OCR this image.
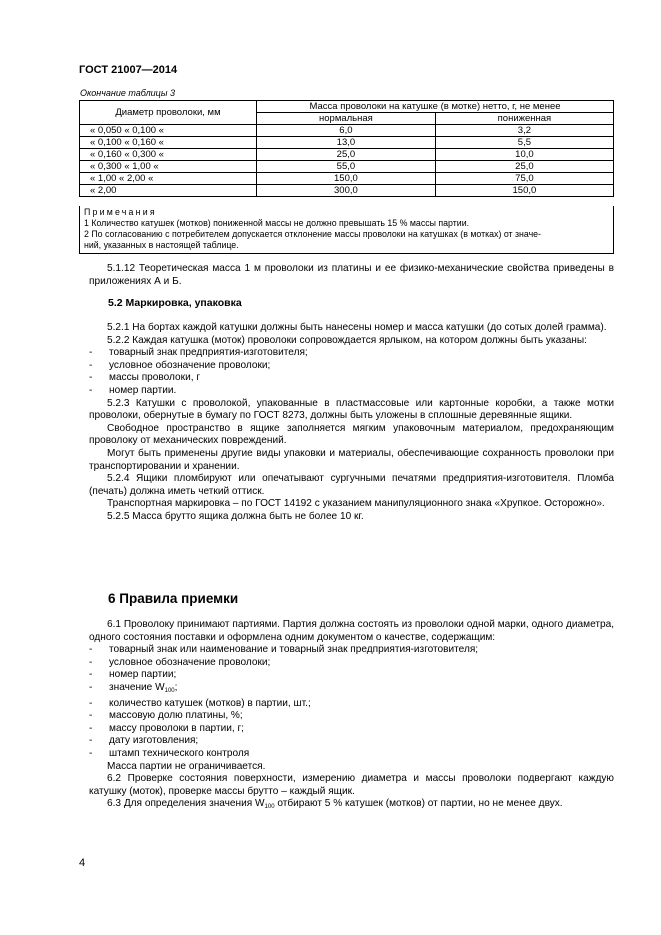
ГОСТ 21007—2014
Окончание таблицы 3
Диаметр проволоки, мм	Масса проволоки на катушке (в мотке) нетто, г, не менее	
	нормальная	пониженная
« 0,050 « 0,100 «	6,0	3,2
« 0,100 « 0,160 «	13,0	5,5
« 0,160 « 0,300 «	25,0	10,0
« 0,300 « 1,00 «	55,0	25,0
« 1,00 « 2,00 «	150,0	75,0
« 2,00	300,0	150,0
Примечания
1 Количество катушек (мотков) пониженной массы не должно превышать 15 % массы партии.
2 По согласованию с потребителем допускается отклонение массы проволоки на катушках (в мотках) от значе-
ний, указанных в настоящей таблице.

5.1.12 Теоретическая масса 1 м проволоки из платины и ее физико-механические свойства приведены в приложениях А и Б.

5.2 Маркировка, упаковка

5.2.1 На бортах каждой катушки должны быть нанесены номер и масса катушки (до сотых долей грамма).

5.2.2 Каждая катушка (моток) проволоки сопровождается ярлыком, на котором должны быть указаны:

- товарный знак предприятия-изготовителя;
- условное обозначение проволоки;
- массы проволоки, г
- номер партии.

5.2.3 Катушки с проволокой, упакованные в пластмассовые или картонные коробки, а также мотки проволоки, обернутые в бумагу по ГОСТ 8273, должны быть уложены в сплошные деревянные ящики.

Свободное пространство в ящике заполняется мягким упаковочным материалом, предохраняющим проволоку от механических повреждений.

Могут быть применены другие виды упаковки и материалы, обеспечивающие сохранность проволоки при транспортировании и хранении.

5.2.4 Ящики пломбируют или опечатывают сургучными печатями предприятия-изготовителя. Пломба (печать) должна иметь четкий оттиск.

Транспортная маркировка – по ГОСТ 14192 с указанием манипуляционного знака «Хрупкое. Осторожно».

5.2.5 Масса брутто ящика должна быть не более 10 кг.

6 Правила приемки

6.1 Проволоку принимают партиями. Партия должна состоять из проволоки одной марки, одного диаметра, одного состояния поставки и оформлена одним документом о качестве, содержащим:

- товарный знак или наименование и товарный знак предприятия-изготовителя;
- условное обозначение проволоки;
- номер партии;
- значение $W_{100}$;
- количество катушек (мотков) в партии, шт.;
- массовую долю платины, %;
- массу проволоки в партии, г;
- дату изготовления;
- штамп технического контроля

Масса партии не ограничивается.

6.2 Проверке состояния поверхности, измерению диаметра и массы проволоки подвергают каждую катушку (моток), проверке массы брутто – каждый ящик.

6.3 Для определения значения $W_{100}$ отбирают 5 % катушек (мотков) от партии, но не менее двух.

4
